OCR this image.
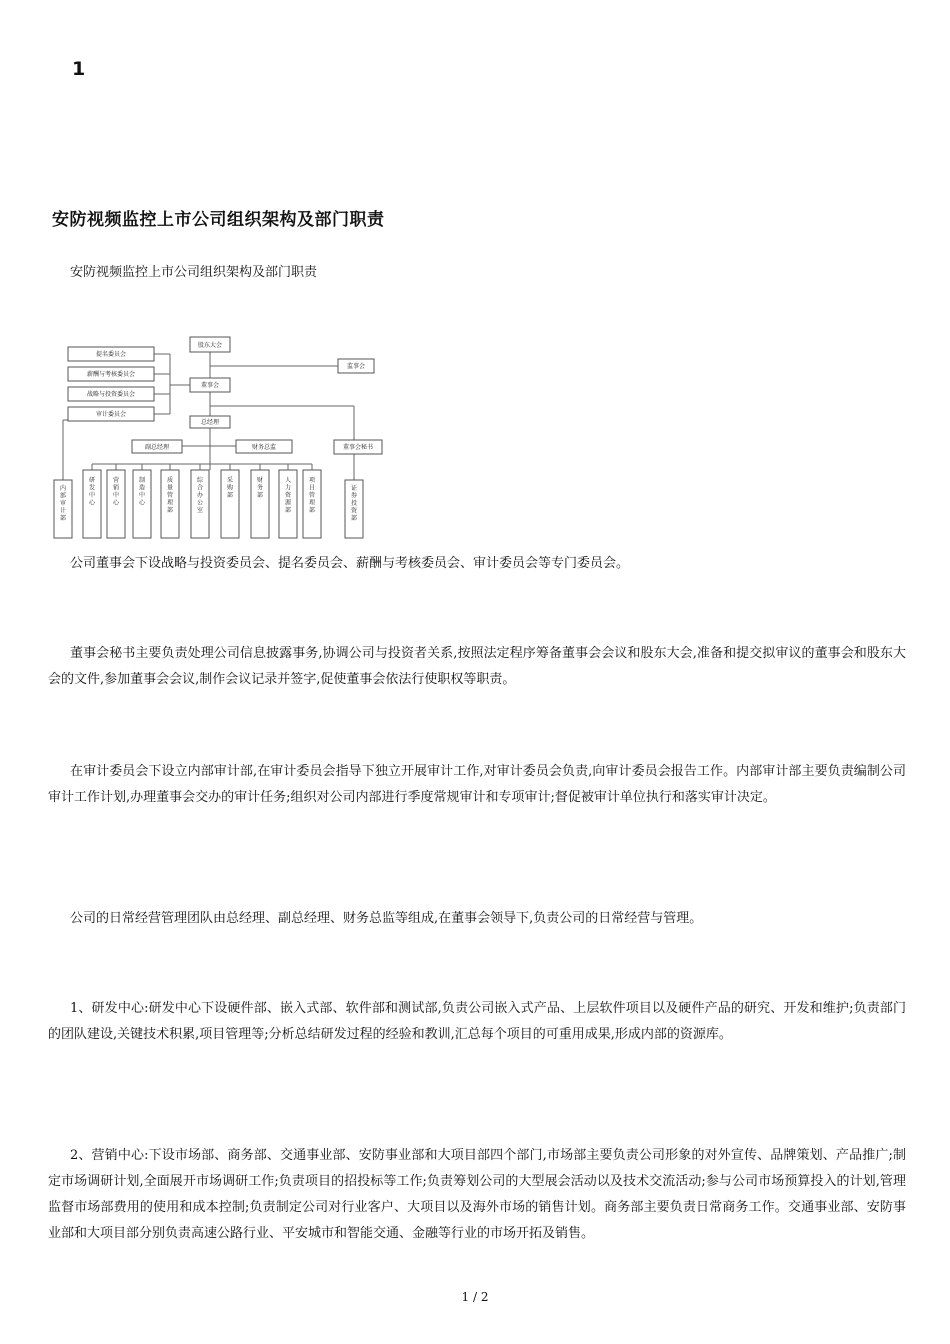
1
安防视频监控上市公司组织架构及部门职责
安防视频监控上市公司组织架构及部门职责
股东大会
监事会
董事会
提名委员会
薪酬与考核委员会
战略与投资委员会
审计委员会
总经理
副总经理	财务总监	董事会秘书
内部审计部
研发中心
营销中心
制造中心
质量管理部
综合办公室
采购部
财务部
人力资源部
项目管理部
证券投资部

公司董事会下设战略与投资委员会、提名委员会、薪酬与考核委员会、审计委员会等专门委员会。

董事会秘书主要负责处理公司信息披露事务,协调公司与投资者关系,按照法定程序筹备董事会会议和股东大会,准备和提交拟审议的董事会和股东大会的文件,参加董事会会议,制作会议记录并签字,促使董事会依法行使职权等职责。

在审计委员会下设立内部审计部,在审计委员会指导下独立开展审计工作,对审计委员会负责,向审计委员会报告工作。内部审计部主要负责编制公司审计工作计划,办理董事会交办的审计任务;组织对公司内部进行季度常规审计和专项审计;督促被审计单位执行和落实审计决定。

公司的日常经营管理团队由总经理、副总经理、财务总监等组成,在董事会领导下,负责公司的日常经营与管理。

1、研发中心:研发中心下设硬件部、嵌入式部、软件部和测试部,负责公司嵌入式产品、上层软件项目以及硬件产品的研究、开发和维护;负责部门的团队建设,关键技术积累,项目管理等;分析总结研发过程的经验和教训,汇总每个项目的可重用成果,形成内部的资源库。

2、营销中心:下设市场部、商务部、交通事业部、安防事业部和大项目部四个部门,市场部主要负责公司形象的对外宣传、品牌策划、产品推广;制定市场调研计划,全面展开市场调研工作;负责项目的招投标等工作;负责筹划公司的大型展会活动以及技术交流活动;参与公司市场预算投入的计划,管理监督市场部费用的使用和成本控制;负责制定公司对行业客户、大项目以及海外市场的销售计划。商务部主要负责日常商务工作。交通事业部、安防事业部和大项目部分别负责高速公路行业、平安城市和智能交通、金融等行业的市场开拓及销售。

1 / 2
